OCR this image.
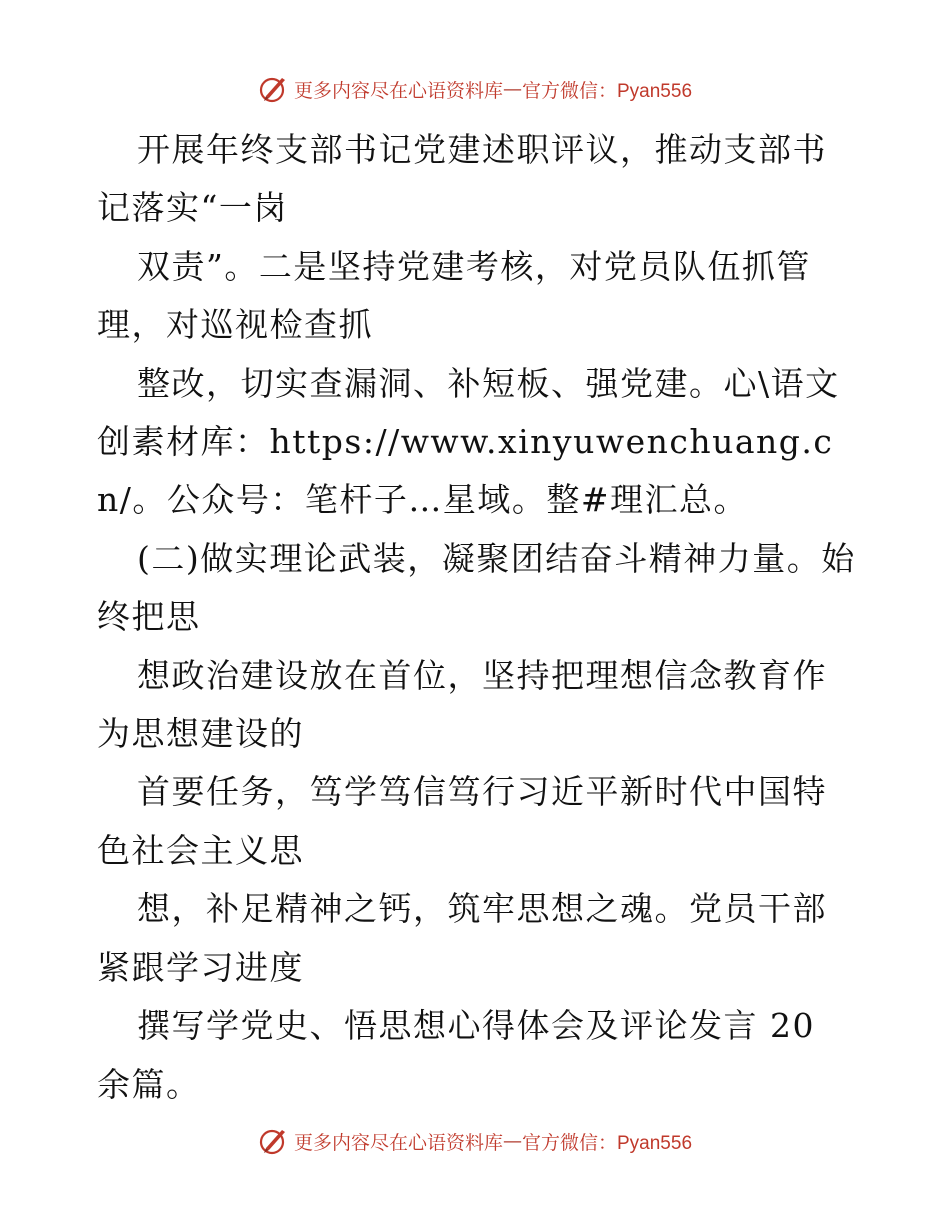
更多内容尽在心语资料库 — 官方微信：Pyan556

开展年终支部书记党建述职评议，推动支部书记落实“一岗

双责”。二是坚持党建考核，对党员队伍抓管理，对巡视检查抓

整改，切实查漏洞、补短板、强党建。心\语文创素材库：https://www.xinyuwenchuang.cn/。公众号：笔杆子…星域。整#理汇总。

(二)做实理论武装，凝聚团结奋斗精神力量。始终把思

想政治建设放在首位，坚持把理想信念教育作为思想建设的

首要任务，笃学笃信笃行习近平新时代中国特色社会主义思

想，补足精神之钙，筑牢思想之魂。党员干部紧跟学习进度

撰写学党史、悟思想心得体会及评论发言 20 余篇。

更多内容尽在心语资料库 — 官方微信：Pyan556
